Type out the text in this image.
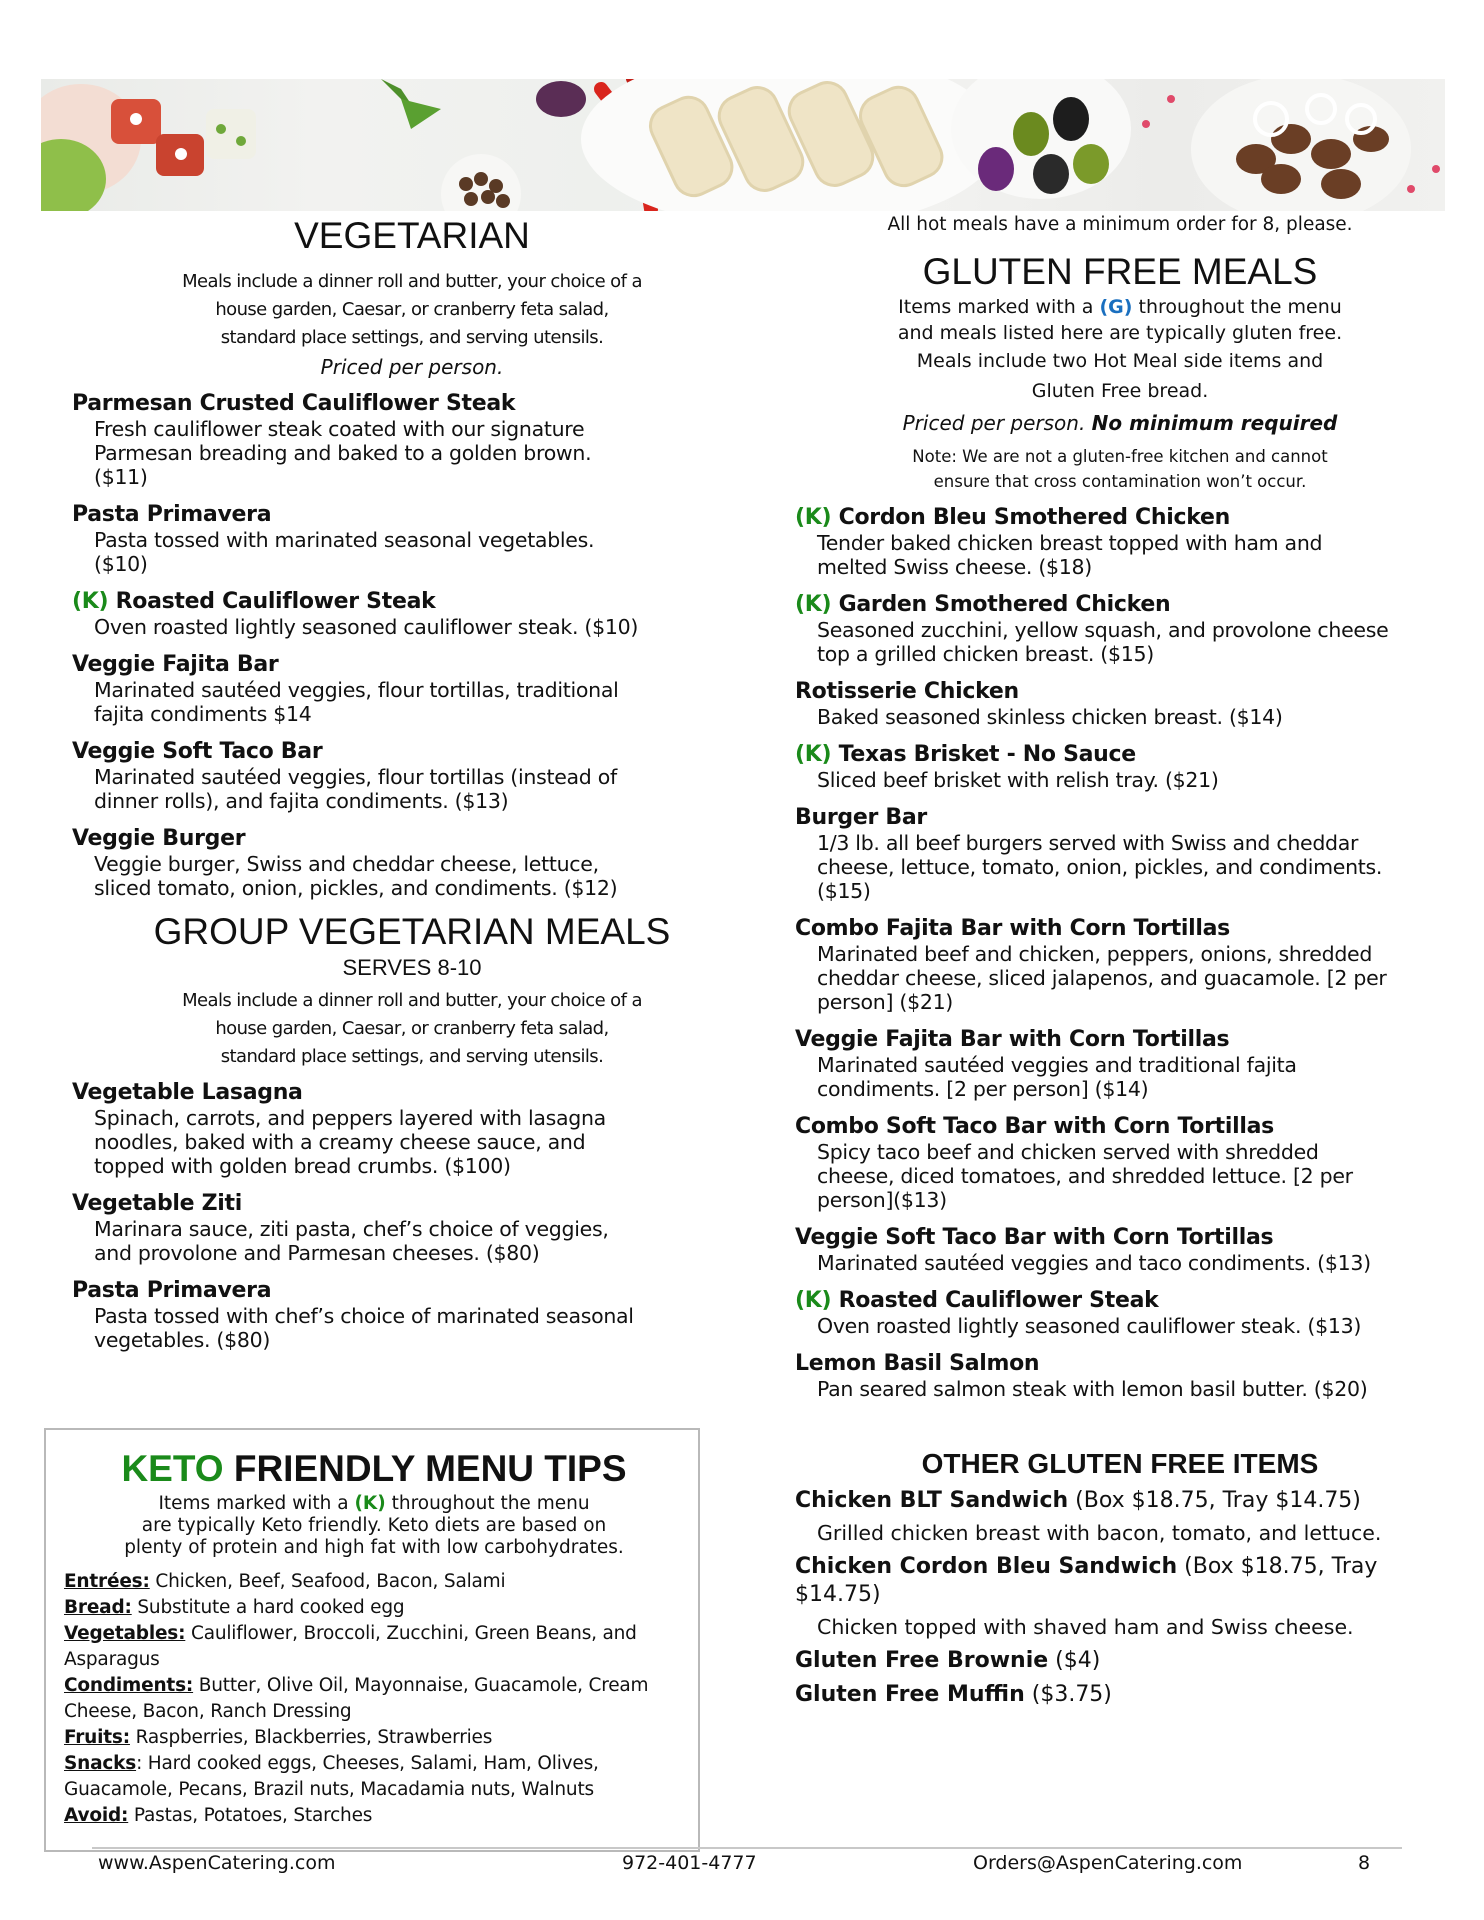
VEGETARIAN

Meals include a dinner roll and butter, your choice of a

house garden, Caesar, or cranberry feta salad,

standard place settings, and serving utensils.

Priced per person.

Parmesan Crusted Cauliflower Steak
Fresh cauliflower steak coated with our signature
Parmesan breading and baked to a golden brown.
($11)
Pasta Primavera
Pasta tossed with marinated seasonal vegetables.
($10)
(K) Roasted Cauliflower Steak
Oven roasted lightly seasoned cauliflower steak. ($10)
Veggie Fajita Bar
Marinated sautéed veggies, flour tortillas, traditional
fajita condiments $14
Veggie Soft Taco Bar
Marinated sautéed veggies, flour tortillas (instead of
dinner rolls), and fajita condiments. ($13)
Veggie Burger
Veggie burger, Swiss and cheddar cheese, lettuce,
sliced tomato, onion, pickles, and condiments. ($12)
GROUP VEGETARIAN MEALS

SERVES 8-10

Meals include a dinner roll and butter, your choice of a

house garden, Caesar, or cranberry feta salad,

standard place settings, and serving utensils.

Vegetable Lasagna
Spinach, carrots, and peppers layered with lasagna
noodles, baked with a creamy cheese sauce, and
topped with golden bread crumbs. ($100)
Vegetable Ziti
Marinara sauce, ziti pasta, chef’s choice of veggies,
and provolone and Parmesan cheeses. ($80)
Pasta Primavera
Pasta tossed with chef’s choice of marinated seasonal
vegetables. ($80)
KETO FRIENDLY MENU TIPS
Items marked with a (K) throughout the menu
are typically Keto friendly. Keto diets are based on
plenty of protein and high fat with low carbohydrates.
Entrées: Chicken, Beef, Seafood, Bacon, Salami
Bread: Substitute a hard cooked egg
Vegetables: Cauliflower, Broccoli, Zucchini, Green Beans, and Asparagus
Condiments: Butter, Olive Oil, Mayonnaise, Guacamole, Cream Cheese, Bacon, Ranch Dressing
Fruits: Raspberries, Blackberries, Strawberries
Snacks: Hard cooked eggs, Cheeses, Salami, Ham, Olives, Guacamole, Pecans, Brazil nuts, Macadamia nuts, Walnuts
Avoid: Pastas, Potatoes, Starches

All hot meals have a minimum order for 8, please.

GLUTEN FREE MEALS

Items marked with a (G) throughout the menu

and meals listed here are typically gluten free.

Meals include two Hot Meal side items and

Gluten Free bread.

Priced per person. No minimum required

Note: We are not a gluten-free kitchen and cannot

ensure that cross contamination won’t occur.

(K) Cordon Bleu Smothered Chicken
Tender baked chicken breast topped with ham and
melted Swiss cheese. ($18)
(K) Garden Smothered Chicken
Seasoned zucchini, yellow squash, and provolone cheese
top a grilled chicken breast. ($15)
Rotisserie Chicken
Baked seasoned skinless chicken breast. ($14)
(K) Texas Brisket - No Sauce
Sliced beef brisket with relish tray. ($21)
Burger Bar
1/3 lb. all beef burgers served with Swiss and cheddar
cheese, lettuce, tomato, onion, pickles, and condiments.
($15)
Combo Fajita Bar with Corn Tortillas
Marinated beef and chicken, peppers, onions, shredded
cheddar cheese, sliced jalapenos, and guacamole. [2 per
person] ($21)
Veggie Fajita Bar with Corn Tortillas
Marinated sautéed veggies and traditional fajita
condiments. [2 per person] ($14)
Combo Soft Taco Bar with Corn Tortillas
Spicy taco beef and chicken served with shredded
cheese, diced tomatoes, and shredded lettuce. [2 per
person]($13)
Veggie Soft Taco Bar with Corn Tortillas
Marinated sautéed veggies and taco condiments. ($13)
(K) Roasted Cauliflower Steak
Oven roasted lightly seasoned cauliflower steak. ($13)
Lemon Basil Salmon
Pan seared salmon steak with lemon basil butter. ($20)
OTHER GLUTEN FREE ITEMS
Chicken BLT Sandwich (Box $18.75, Tray $14.75)
Grilled chicken breast with bacon, tomato, and lettuce.
Chicken Cordon Bleu Sandwich (Box $18.75, Tray $14.75)
Chicken topped with shaved ham and Swiss cheese.
Gluten Free Brownie ($4)
Gluten Free Muffin ($3.75)
www.AspenCatering.com	972-401-4777	Orders@AspenCatering.com	8
